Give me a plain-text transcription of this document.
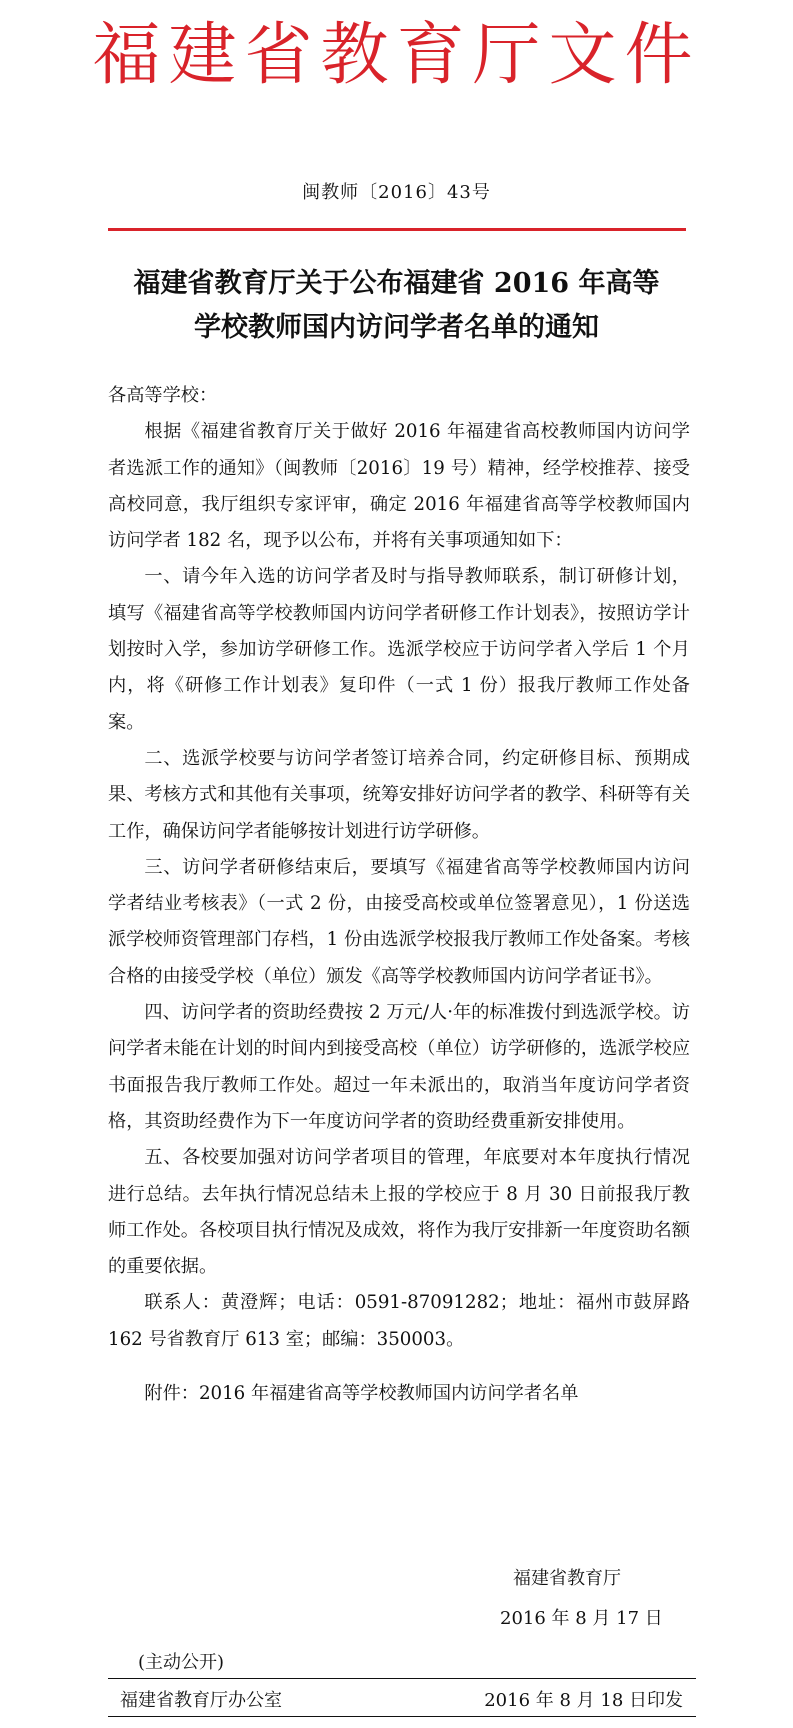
福建省教育厅文件
闽教师〔2016〕43号
福建省教育厅关于公布福建省 2016 年高等
学校教师国内访问学者名单的通知

各高等学校：

根据《福建省教育厅关于做好 2016 年福建省高校教师国内访问学者选派工作的通知》（闽教师〔2016〕19 号）精神，经学校推荐、接受高校同意，我厅组织专家评审，确定 2016 年福建省高等学校教师国内访问学者 182 名，现予以公布，并将有关事项通知如下：

一、请今年入选的访问学者及时与指导教师联系，制订研修计划，填写《福建省高等学校教师国内访问学者研修工作计划表》，按照访学计划按时入学，参加访学研修工作。选派学校应于访问学者入学后 1 个月内，将《研修工作计划表》复印件（一式 1 份）报我厅教师工作处备案。

二、选派学校要与访问学者签订培养合同，约定研修目标、预期成果、考核方式和其他有关事项，统筹安排好访问学者的教学、科研等有关工作，确保访问学者能够按计划进行访学研修。

三、访问学者研修结束后，要填写《福建省高等学校教师国内访问学者结业考核表》（一式 2 份，由接受高校或单位签署意见），1 份送选派学校师资管理部门存档，1 份由选派学校报我厅教师工作处备案。考核合格的由接受学校（单位）颁发《高等学校教师国内访问学者证书》。

四、访问学者的资助经费按 2 万元/人·年的标准拨付到选派学校。访问学者未能在计划的时间内到接受高校（单位）访学研修的，选派学校应书面报告我厅教师工作处。超过一年未派出的，取消当年度访问学者资格，其资助经费作为下一年度访问学者的资助经费重新安排使用。

五、各校要加强对访问学者项目的管理，年底要对本年度执行情况进行总结。去年执行情况总结未上报的学校应于 8 月 30 日前报我厅教师工作处。各校项目执行情况及成效，将作为我厅安排新一年度资助名额的重要依据。

联系人：黄澄辉；电话：0591-87091282；地址：福州市鼓屏路 162 号省教育厅 613 室；邮编：350003。

附件：2016 年福建省高等学校教师国内访问学者名单

福建省教育厅
2016 年 8 月 17 日
(主动公开)
福建省教育厅办公室	2016 年 8 月 18 日印发
